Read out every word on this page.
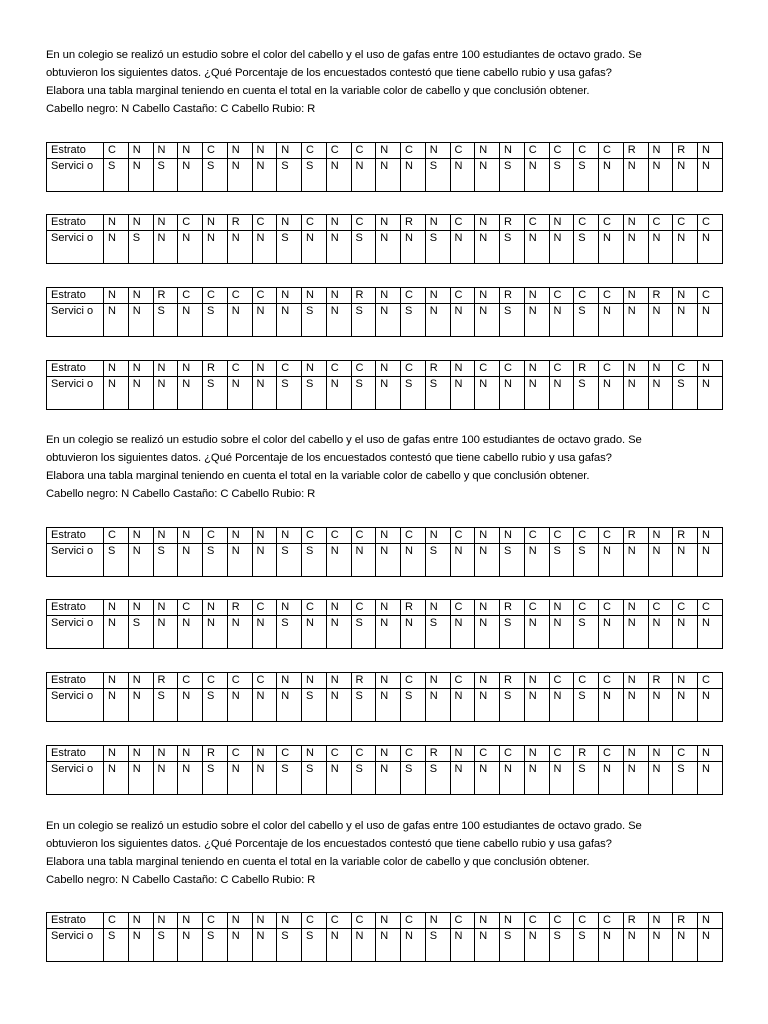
En un colegio se realizó un estudio sobre el color del cabello y el uso de gafas entre 100 estudiantes de octavo grado. Se

obtuvieron los siguientes datos. ¿Qué Porcentaje de los encuestados contestó que tiene cabello rubio y usa gafas?

Elabora una tabla marginal teniendo en cuenta el total en la variable color de cabello y que conclusión obtener.

Cabello negro: N Cabello Castaño: C Cabello Rubio: R

En un colegio se realizó un estudio sobre el color del cabello y el uso de gafas entre 100 estudiantes de octavo grado. Se

obtuvieron los siguientes datos. ¿Qué Porcentaje de los encuestados contestó que tiene cabello rubio y usa gafas?

Elabora una tabla marginal teniendo en cuenta el total en la variable color de cabello y que conclusión obtener.

Cabello negro: N Cabello Castaño: C Cabello Rubio: R

En un colegio se realizó un estudio sobre el color del cabello y el uso de gafas entre 100 estudiantes de octavo grado. Se

obtuvieron los siguientes datos. ¿Qué Porcentaje de los encuestados contestó que tiene cabello rubio y usa gafas?

Elabora una tabla marginal teniendo en cuenta el total en la variable color de cabello y que conclusión obtener.

Cabello negro: N Cabello Castaño: C Cabello Rubio: R

Estrato	C	N	N	N	C	N	N	N	C	C	C	N	C	N	C	N	N	C	C	C	C	R	N	R	N
Servici o	S	N	S	N	S	N	N	S	S	N	N	N	N	S	N	N	S	N	S	S	N	N	N	N	N
Estrato	N	N	N	C	N	R	C	N	C	N	C	N	R	N	C	N	R	C	N	C	C	N	C	C	C
Servici o	N	S	N	N	N	N	N	S	N	N	S	N	N	S	N	N	S	N	N	S	N	N	N	N	N
Estrato	N	N	R	C	C	C	C	N	N	N	R	N	C	N	C	N	R	N	C	C	C	N	R	N	C
Servici o	N	N	S	N	S	N	N	N	S	N	S	N	S	N	N	N	S	N	N	S	N	N	N	N	N
Estrato	N	N	N	N	R	C	N	C	N	C	C	N	C	R	N	C	C	N	C	R	C	N	N	C	N
Servici o	N	N	N	N	S	N	N	S	S	N	S	N	S	S	N	N	N	N	N	S	N	N	N	S	N
Estrato	C	N	N	N	C	N	N	N	C	C	C	N	C	N	C	N	N	C	C	C	C	R	N	R	N
Servici o	S	N	S	N	S	N	N	S	S	N	N	N	N	S	N	N	S	N	S	S	N	N	N	N	N
Estrato	N	N	N	C	N	R	C	N	C	N	C	N	R	N	C	N	R	C	N	C	C	N	C	C	C
Servici o	N	S	N	N	N	N	N	S	N	N	S	N	N	S	N	N	S	N	N	S	N	N	N	N	N
Estrato	N	N	R	C	C	C	C	N	N	N	R	N	C	N	C	N	R	N	C	C	C	N	R	N	C
Servici o	N	N	S	N	S	N	N	N	S	N	S	N	S	N	N	N	S	N	N	S	N	N	N	N	N
Estrato	N	N	N	N	R	C	N	C	N	C	C	N	C	R	N	C	C	N	C	R	C	N	N	C	N
Servici o	N	N	N	N	S	N	N	S	S	N	S	N	S	S	N	N	N	N	N	S	N	N	N	S	N
Estrato	C	N	N	N	C	N	N	N	C	C	C	N	C	N	C	N	N	C	C	C	C	R	N	R	N
Servici o	S	N	S	N	S	N	N	S	S	N	N	N	N	S	N	N	S	N	S	S	N	N	N	N	N
